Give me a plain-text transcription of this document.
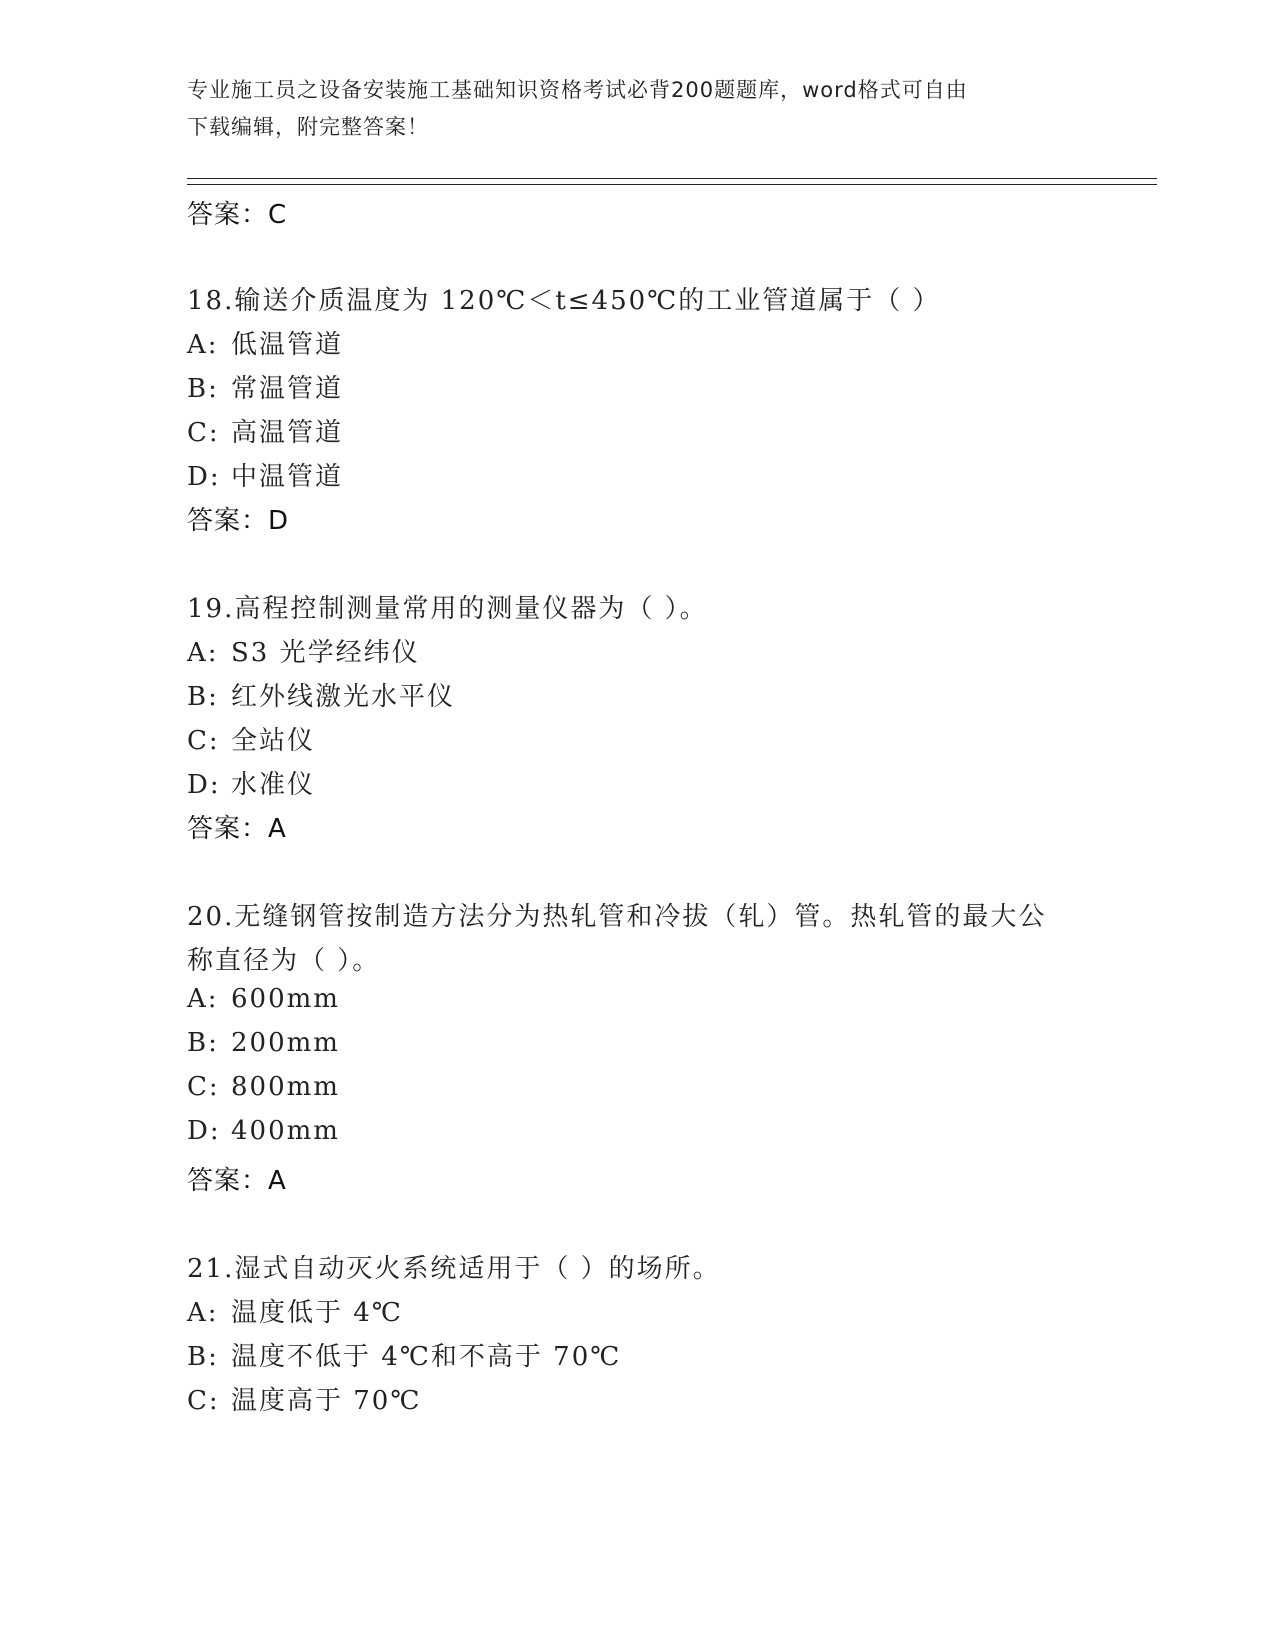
专业施工员之设备安装施工基础知识资格考试必背200题题库，word格式可自由
下载编辑，附完整答案！
答案：C
18.输送介质温度为 120℃＜t≤450℃的工业管道属于（ ）
A: 低温管道
B: 常温管道
C: 高温管道
D: 中温管道
答案：D
19.高程控制测量常用的测量仪器为（ ）。
A: S3 光学经纬仪
B: 红外线激光水平仪
C: 全站仪
D: 水准仪
答案：A
20.无缝钢管按制造方法分为热轧管和冷拔（轧）管。热轧管的最大公
称直径为（ ）。
A: 600mm
B: 200mm
C: 800mm
D: 400mm
答案：A
21.湿式自动灭火系统适用于（ ）的场所。
A: 温度低于 4℃
B: 温度不低于 4℃和不高于 70℃
C: 温度高于 70℃
